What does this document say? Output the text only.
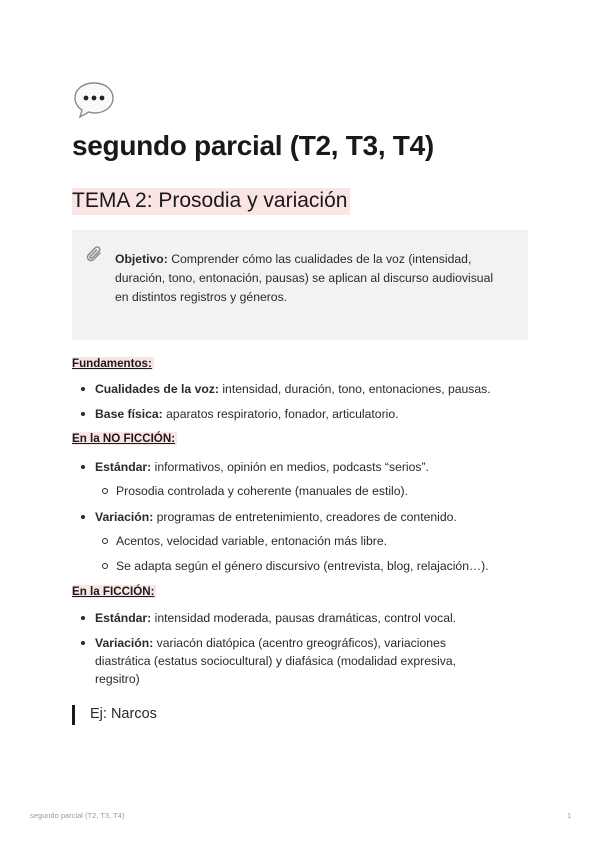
segundo parcial (T2, T3, T4)
TEMA 2: Prosodia y variación
Objetivo: Comprender cómo las cualidades de la voz (intensidad,
duración, tono, entonación, pausas) se aplican al discurso audiovisual
en distintos registros y géneros.
Fundamentos:
Cualidades de la voz: intensidad, duración, tono, entonaciones, pausas.
Base física: aparatos respiratorio, fonador, articulatorio.
En la NO FICCIÓN:
Estándar: informativos, opinión en medios, podcasts “serios”.
Prosodia controlada y coherente (manuales de estilo).
Variación: programas de entretenimiento, creadores de contenido.
Acentos, velocidad variable, entonación más libre.
Se adapta según el género discursivo (entrevista, blog, relajación…).
En la FICCIÓN:
Estándar: intensidad moderada, pausas dramáticas, control vocal.
Variación: variacón diatópica (acentro greográficos), variaciones
diastrática (estatus sociocultural) y diafásica (modalidad expresiva,
regsitro)
Ej: Narcos
segundo parcial (T2, T3, T4)	1
